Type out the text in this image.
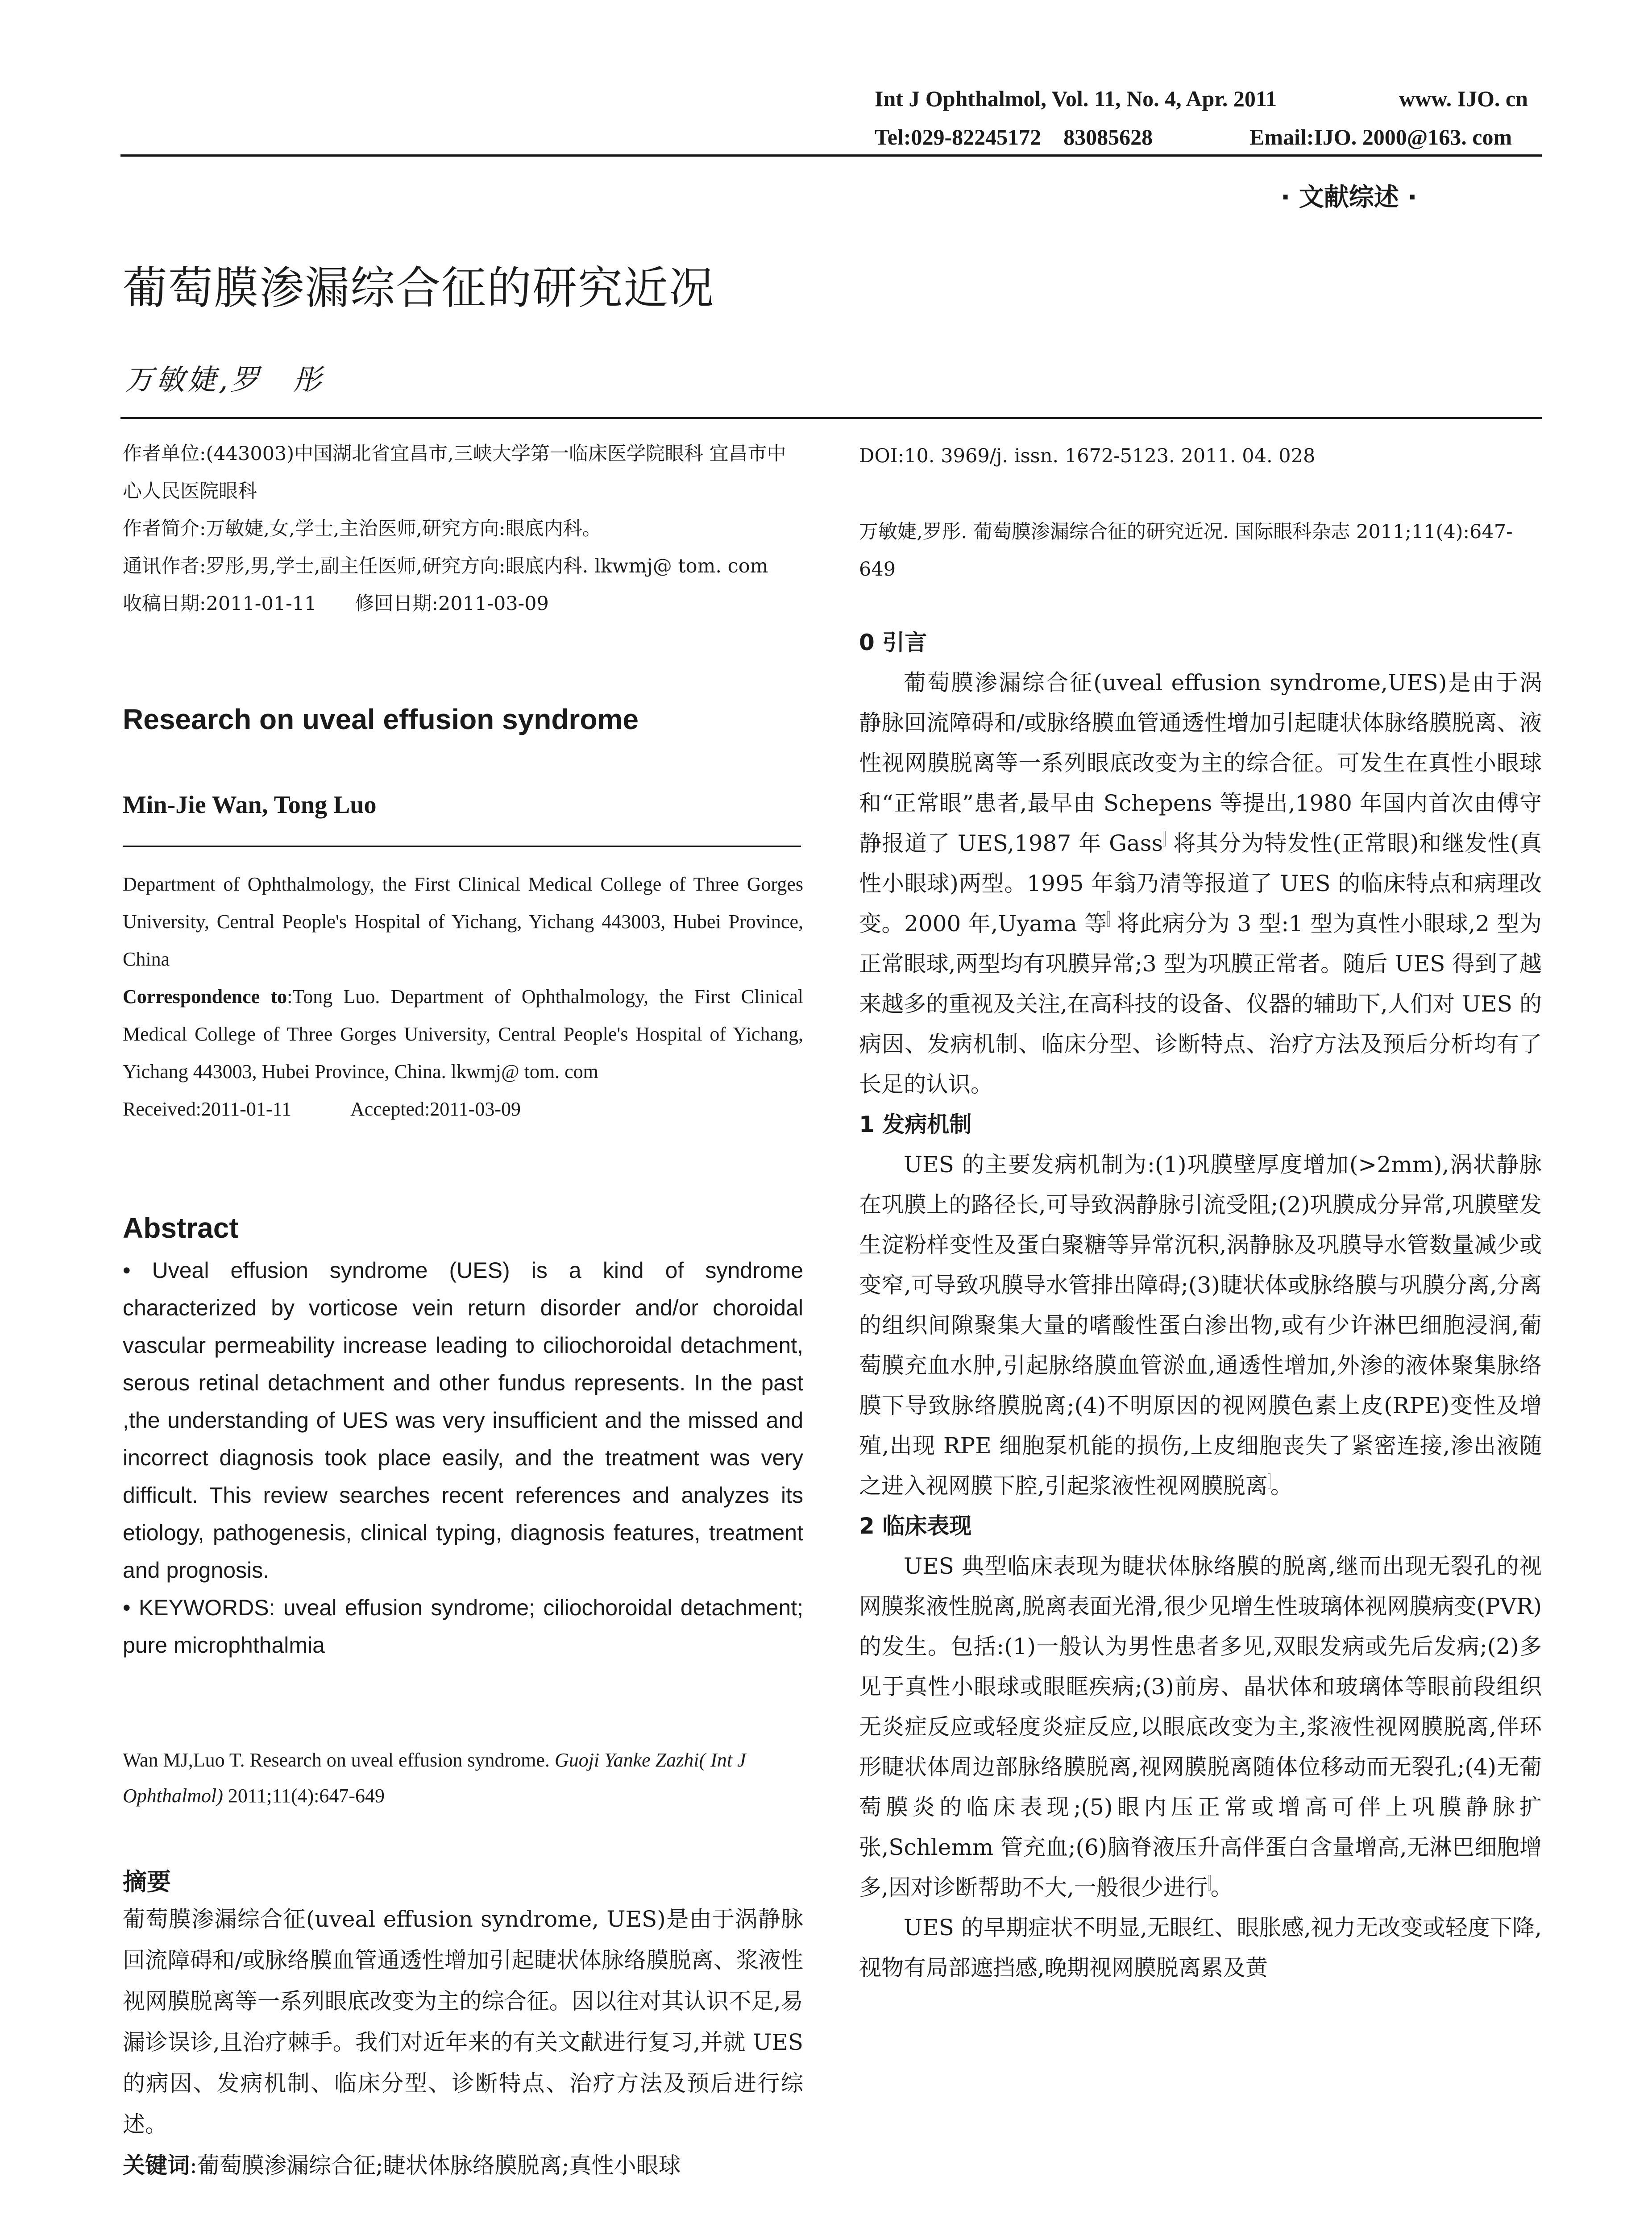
Int J Ophthalmol, Vol. 11, No. 4, Apr. 2011	www. IJO. cn
Tel:029-82245172    83085628	Email:IJO. 2000@163. com
· 文献综述 ·
葡萄膜渗漏综合征的研究近况
万敏婕,罗　彤

作者单位:(443003)中国湖北省宜昌市,三峡大学第一临床医学院眼科 宜昌市中心人民医院眼科

作者简介:万敏婕,女,学士,主治医师,研究方向:眼底内科。

通讯作者:罗彤,男,学士,副主任医师,研究方向:眼底内科. lkwmj@ tom. com

收稿日期:2011-01-11　　修回日期:2011-03-09

Research on uveal effusion syndrome
Min-Jie Wan, Tong Luo

Department of Ophthalmology, the First Clinical Medical College of Three Gorges University, Central People's Hospital of Yichang, Yichang 443003, Hubei Province, China

Correspondence to:Tong Luo. Department of Ophthalmology, the First Clinical Medical College of Three Gorges University, Central People's Hospital of Yichang, Yichang 443003, Hubei Province, China. lkwmj@ tom. com

Received:2011-01-11　　　Accepted:2011-03-09

Abstract

• Uveal effusion syndrome (UES) is a kind of syndrome characterized by vorticose vein return disorder and/or choroidal vascular permeability increase leading to ciliochoroidal detachment, serous retinal detachment and other fundus represents. In the past ,the understanding of UES was very insufficient and the missed and incorrect diagnosis took place easily, and the treatment was very difficult. This review searches recent references and analyzes its etiology, pathogenesis, clinical typing, diagnosis features, treatment and prognosis.

• KEYWORDS: uveal effusion syndrome; ciliochoroidal detachment; pure microphthalmia

Wan MJ,Luo T. Research on uveal effusion syndrome. Guoji Yanke Zazhi( Int J Ophthalmol) 2011;11(4):647-649
摘要

葡萄膜渗漏综合征(uveal effusion syndrome, UES)是由于涡静脉回流障碍和/或脉络膜血管通透性增加引起睫状体脉络膜脱离、浆液性视网膜脱离等一系列眼底改变为主的综合征。因以往对其认识不足,易漏诊误诊,且治疗棘手。我们对近年来的有关文献进行复习,并就 UES 的病因、发病机制、临床分型、诊断特点、治疗方法及预后进行综述。

关键词:葡萄膜渗漏综合征;睫状体脉络膜脱离;真性小眼球

DOI:10. 3969/j. issn. 1672-5123. 2011. 04. 028
万敏婕,罗彤. 葡萄膜渗漏综合征的研究近况. 国际眼科杂志 2011;11(4):647-649
0 引言

葡萄膜渗漏综合征(uveal effusion syndrome,UES)是由于涡静脉回流障碍和/或脉络膜血管通透性增加引起睫状体脉络膜脱离、液性视网膜脱离等一系列眼底改变为主的综合征。可发生在真性小眼球和“正常眼”患者,最早由 Schepens 等提出,1980 年国内首次由傅守静报道了 UES,1987 年 Gass 将其分为特发性(正常眼)和继发性(真性小眼球)两型。1995 年翁乃清等报道了 UES 的临床特点和病理改变。2000 年,Uyama 等 将此病分为 3 型:1 型为真性小眼球,2 型为正常眼球,两型均有巩膜异常;3 型为巩膜正常者。随后 UES 得到了越来越多的重视及关注,在高科技的设备、仪器的辅助下,人们对 UES 的病因、发病机制、临床分型、诊断特点、治疗方法及预后分析均有了长足的认识。

1 发病机制

UES 的主要发病机制为:(1)巩膜壁厚度增加(>2mm),涡状静脉在巩膜上的路径长,可导致涡静脉引流受阻;(2)巩膜成分异常,巩膜壁发生淀粉样变性及蛋白聚糖等异常沉积,涡静脉及巩膜导水管数量减少或变窄,可导致巩膜导水管排出障碍;(3)睫状体或脉络膜与巩膜分离,分离的组织间隙聚集大量的嗜酸性蛋白渗出物,或有少许淋巴细胞浸润,葡萄膜充血水肿,引起脉络膜血管淤血,通透性增加,外渗的液体聚集脉络膜下导致脉络膜脱离;(4)不明原因的视网膜色素上皮(RPE)变性及增殖,出现 RPE 细胞泵机能的损伤,上皮细胞丧失了紧密连接,渗出液随之进入视网膜下腔,引起浆液性视网膜脱离 。

2 临床表现

UES 典型临床表现为睫状体脉络膜的脱离,继而出现无裂孔的视网膜浆液性脱离,脱离表面光滑,很少见增生性玻璃体视网膜病变(PVR)的发生。包括:(1)一般认为男性患者多见,双眼发病或先后发病;(2)多见于真性小眼球或眼眶疾病;(3)前房、晶状体和玻璃体等眼前段组织无炎症反应或轻度炎症反应,以眼底改变为主,浆液性视网膜脱离,伴环形睫状体周边部脉络膜脱离,视网膜脱离随体位移动而无裂孔;(4)无葡萄膜炎的临床表现;(5)眼内压正常或增高可伴上巩膜静脉扩张,Schlemm 管充血;(6)脑脊液压升高伴蛋白含量增高,无淋巴细胞增多,因对诊断帮助不大,一般很少进行 。

UES 的早期症状不明显,无眼红、眼胀感,视力无改变或轻度下降,视物有局部遮挡感,晚期视网膜脱离累及黄
